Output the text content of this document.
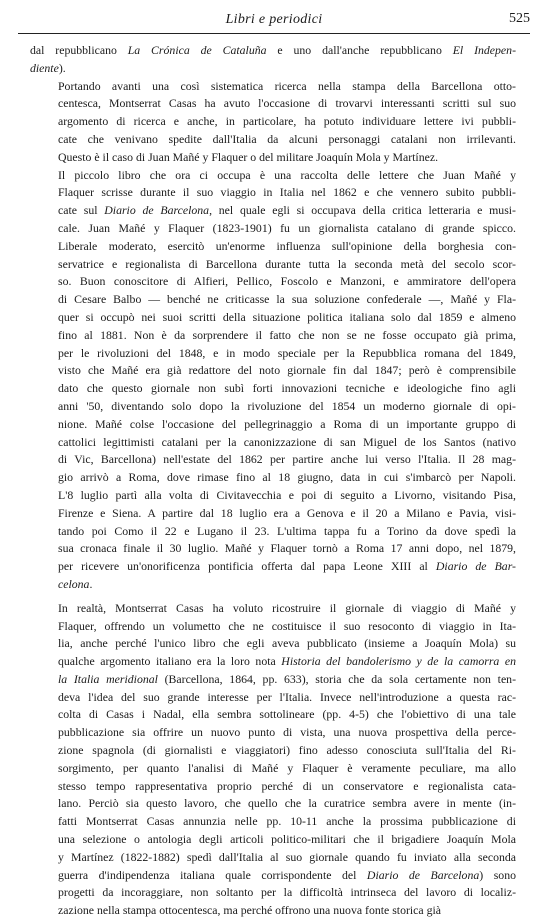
Libri e periodici	525

dal repubblicano La Crónica de Cataluña e uno dall'anche repubblicano El Indepen-
diente).

Portando avanti una così sistematica ricerca nella stampa della Barcellona otto-
centesca, Montserrat Casas ha avuto l'occasione di trovarvi interessanti scritti sul suo
argomento di ricerca e anche, in particolare, ha potuto individuare lettere ivi pubbli-
cate che venivano spedite dall'Italia da alcuni personaggi catalani non irrilevanti.
Questo è il caso di Juan Mañé y Flaquer o del militare Joaquín Mola y Martínez.

Il piccolo libro che ora ci occupa è una raccolta delle lettere che Juan Mañé y
Flaquer scrisse durante il suo viaggio in Italia nel 1862 e che vennero subito pubbli-
cate sul Diario de Barcelona, nel quale egli si occupava della critica letteraria e musi-
cale. Juan Mañé y Flaquer (1823-1901) fu un giornalista catalano di grande spicco.
Liberale moderato, esercitò un'enorme influenza sull'opinione della borghesia con-
servatrice e regionalista di Barcellona durante tutta la seconda metà del secolo scor-
so. Buon conoscitore di Alfieri, Pellico, Foscolo e Manzoni, e ammiratore dell'opera
di Cesare Balbo — benché ne criticasse la sua soluzione confederale —, Mañé y Fla-
quer si occupò nei suoi scritti della situazione politica italiana solo dal 1859 e almeno
fino al 1881. Non è da sorprendere il fatto che non se ne fosse occupato già prima,
per le rivoluzioni del 1848, e in modo speciale per la Repubblica romana del 1849,
visto che Mañé era già redattore del noto giornale fin dal 1847; però è comprensibile
dato che questo giornale non subì forti innovazioni tecniche e ideologiche fino agli
anni '50, diventando solo dopo la rivoluzione del 1854 un moderno giornale di opi-
nione. Mañé colse l'occasione del pellegrinaggio a Roma di un importante gruppo di
cattolici legittimisti catalani per la canonizzazione di san Miguel de los Santos (nativo
di Vic, Barcellona) nell'estate del 1862 per partire anche lui verso l'Italia. Il 28 mag-
gio arrivò a Roma, dove rimase fino al 18 giugno, data in cui s'imbarcò per Napoli.
L'8 luglio partì alla volta di Civitavecchia e poi di seguito a Livorno, visitando Pisa,
Firenze e Siena. A partire dal 18 luglio era a Genova e il 20 a Milano e Pavia, visi-
tando poi Como il 22 e Lugano il 23. L'ultima tappa fu a Torino da dove spedì la
sua cronaca finale il 30 luglio. Mañé y Flaquer tornò a Roma 17 anni dopo, nel 1879,
per ricevere un'onorificenza pontificia offerta dal papa Leone XIII al Diario de Bar-
celona.

In realtà, Montserrat Casas ha voluto ricostruire il giornale di viaggio di Mañé y
Flaquer, offrendo un volumetto che ne costituisce il suo resoconto di viaggio in Ita-
lia, anche perché l'unico libro che egli aveva pubblicato (insieme a Joaquín Mola) su
qualche argomento italiano era la loro nota Historia del bandolerismo y de la camorra en
la Italia meridional (Barcellona, 1864, pp. 633), storia che da sola certamente non ten-
deva l'idea del suo grande interesse per l'Italia. Invece nell'introduzione a questa rac-
colta di Casas i Nadal, ella sembra sottolineare (pp. 4-5) che l'obiettivo di una tale
pubblicazione sia offrire un nuovo punto di vista, una nuova prospettiva della perce-
zione spagnola (di giornalisti e viaggiatori) fino adesso conosciuta sull'Italia del Ri-
sorgimento, per quanto l'analisi di Mañé y Flaquer è veramente peculiare, ma allo
stesso tempo rappresentativa proprio perché di un conservatore e regionalista cata-
lano. Perciò sia questo lavoro, che quello che la curatrice sembra avere in mente (in-
fatti Montserrat Casas annunzia nelle pp. 10-11 anche la prossima pubblicazione di
una selezione o antologia degli articoli politico-militari che il brigadiere Joaquín Mola
y Martínez (1822-1882) spedì dall'Italia al suo giornale quando fu inviato alla seconda
guerra d'indipendenza italiana quale corrispondente del Diario de Barcelona) sono
progetti da incoraggiare, non soltanto per la difficoltà intrinseca del lavoro di localiz-
zazione nella stampa ottocentesca, ma perché offrono una nuova fonte storica già
